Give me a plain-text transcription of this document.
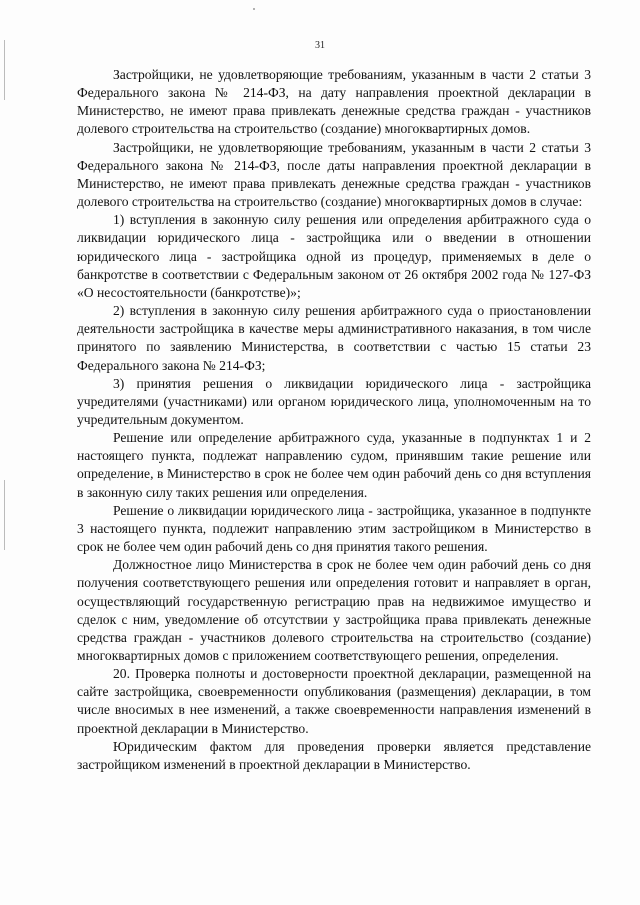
31

Застройщики, не удовлетворяющие требованиям, указанным в части 2 статьи 3 Федерального закона № 214-ФЗ, на дату направления проектной декларации в Министерство, не имеют права привлекать денежные средства граждан - участников долевого строительства на строительство (создание) многоквартирных домов.

Застройщики, не удовлетворяющие требованиям, указанным в части 2 статьи 3 Федерального закона № 214-ФЗ, после даты направления проектной декларации в Министерство, не имеют права привлекать денежные средства граждан - участников долевого строительства на строительство (создание) многоквартирных домов в случае:

1) вступления в законную силу решения или определения арбитражного суда о ликвидации юридического лица - застройщика или о введении в отношении юридического лица - застройщика одной из процедур, применяемых в деле о банкротстве в соответствии с Федеральным законом от 26 октября 2002 года № 127-ФЗ «О несостоятельности (банкротстве)»;

2) вступления в законную силу решения арбитражного суда о приостановлении деятельности застройщика в качестве меры административного наказания, в том числе принятого по заявлению Министерства, в соответствии с частью 15 статьи 23 Федерального закона № 214-ФЗ;

3) принятия решения о ликвидации юридического лица - застройщика учредителями (участниками) или органом юридического лица, уполномоченным на то учредительным документом.

Решение или определение арбитражного суда, указанные в подпунктах 1 и 2 настоящего пункта, подлежат направлению судом, принявшим такие решение или определение, в Министерство в срок не более чем один рабочий день со дня вступления в законную силу таких решения или определения.

Решение о ликвидации юридического лица - застройщика, указанное в подпункте 3 настоящего пункта, подлежит направлению этим застройщиком в Министерство в срок не более чем один рабочий день со дня принятия такого решения.

Должностное лицо Министерства в срок не более чем один рабочий день со дня получения соответствующего решения или определения готовит и направляет в орган, осуществляющий государственную регистрацию прав на недвижимое имущество и сделок с ним, уведомление об отсутствии у застройщика права привлекать денежные средства граждан - участников долевого строительства на строительство (создание) многоквартирных домов с приложением соответствующего решения, определения.

20. Проверка полноты и достоверности проектной декларации, размещенной на сайте застройщика, своевременности опубликования (размещения) декларации, в том числе вносимых в нее изменений, а также своевременности направления изменений в проектной декларации в Министерство.

Юридическим фактом для проведения проверки является представление застройщиком изменений в проектной декларации в Министерство.
